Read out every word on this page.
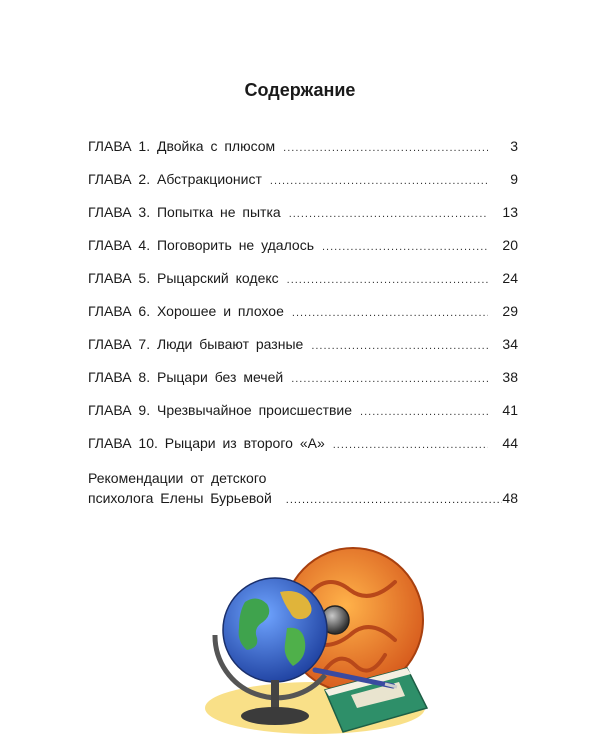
Содержание
ГЛАВА 1. Двойка с плюсом .....	3
ГЛАВА 2. Абстракционист .....	9
ГЛАВА 3. Попытка не пытка .....	13
ГЛАВА 4. Поговорить не удалось .....	20
ГЛАВА 5. Рыцарский кодекс .....	24
ГЛАВА 6. Хорошее и плохое .....	29
ГЛАВА 7. Люди бывают разные .....	34
ГЛАВА 8. Рыцари без мечей .....	38
ГЛАВА 9. Чрезвычайное происшествие .....	41
ГЛАВА 10. Рыцари из второго «А» .....	44
Рекомендации от детского
психолога Елены Бурьевой .....	48
